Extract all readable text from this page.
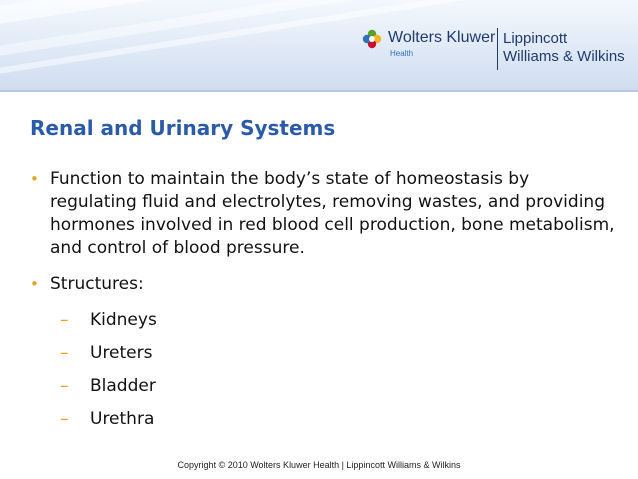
Wolters Kluwer
Health
Lippincott
Williams & Wilkins
Renal and Urinary Systems
• Function to maintain the body’s state of homeostasis by regulating fluid and electrolytes, removing wastes, and providing hormones involved in red blood cell production, bone metabolism, and control of blood pressure.
• Structures:
–	Kidneys
–	Ureters
–	Bladder
–	Urethra
Copyright © 2010 Wolters Kluwer Health | Lippincott Williams & Wilkins
